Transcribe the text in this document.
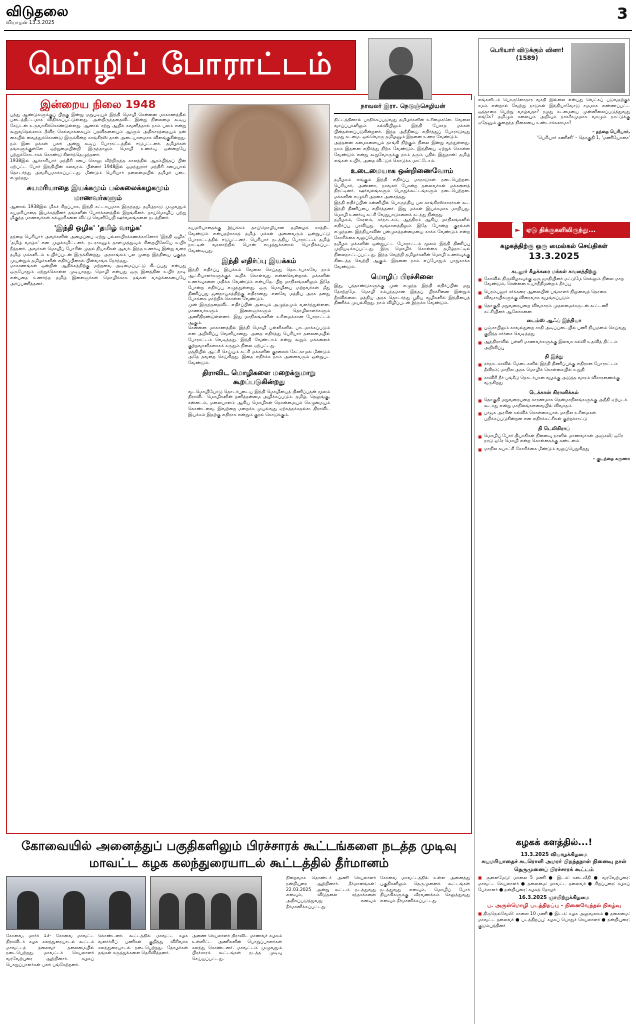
விடுதலை
வியாழன் 13.3.2025	3
மொழிப் போராட்டம்
நாவலர் இரா. நெடுஞ்செழியன்
இன்றைய நிலை 1948

பத்து ஆண்டுகளுக்குப் பிறகு இன்று மறுபடியும் இந்தி மொழி சென்னை மாகாணத்தில் படைத்திட்டமாக விதிக்கப்பட்டுள்ளது. அன்றிருந்ததைவிட இன்று நிலைமை கூடிய கேடுடன் உருவாகிக்கொண்டுள்ளது. ஆனால் சற்று ஆறிக் கவனித்தால் நாம் பலம் என்று கூறுவதெல்லாம் தீவிர செல்வாக்கையும் பதவிகளையும் ஆளும் அதிகாரத்தையும் தன் கையில் வைத்துக்கொண்டு இருக்கின்ற காங்கிரஸ் தான் அடையாளமாக விளங்குகின்றது. நம் இன மக்கள் பலர் அன்று கூடிப் போராட்டத்தில் ஈடுபட்டனர். தமிழர்கள் தங்களுக்குள்ளே ஒற்றுமையின்றி இருந்தாலும் மொழி உணர்வு ஒன்றையே பற்றுக்கோடாகக் கொண்டு கிளர்ந்தெழுந்தனர்.

1938இல் ஆச்சாரியார் மந்திரி சபை கொலு வீற்றிருந்த காலத்தில் ஆரம்பித்தப் பின் ஏற்பட்ட போர் இந்தியின் கலவரம். பின்னர் 1948இல் ஓமந்தூரார் மந்திரி சபையால் தொடர்ந்து அவசியமாக்கப்பட்டது. மீண்டும் பெரியார் தலைமையில் தமிழர் படை எழுந்தது.

சுயமரியாதை இயக்கமும் பல்கலைக்கழகமும் மாணவர்களும்

ஆனால் 1938இல் மிகச் சிறப்பாக, இந்தி கட்டாயமாக இருந்தது. தமிழ்நாடு முழுவதும் சுயமரியாதை இயக்கத்தினர் தங்களின் போர்க்களத்தில் இறங்கினர். தாய்மொழிப் பற்று மிகுந்த மாணவர்கள் கல்லூரிகளை விட்டு வெளியேறி ஊர்வலங்களை நடத்தினர்.

'இந்தி ஒழிக' 'தமிழ் வாழ்க'

தந்தை பெரியார் அவர்களின் அழைப்பை ஏற்று பல்லாயிரக்கணக்கானோர் 'இந்தி ஒழிக' 'தமிழ் வாழ்க' என முழக்கமிட்டனர். நடராசனும் தாளமுத்துவும் சிறையிலேயே உயிர் நீத்தனர். அவர்கள் மொழிப் போரின் முதல் தியாகிகள் ஆவர். இந்த உணர்வு இன்று வரை தமிழ் மக்களிடம் உயிர்ப்புடன் இருக்கின்றது. அரசாங்கம் பல முறை இந்தியை புகுத்த முயன்றும் தமிழர்களின் எதிர்ப்பினால் பின்வாங்க நேர்ந்தது.

மாகாணங்கள் ஒன்றின் ஆதிக்கத்திற்கு மற்றவை அடிமைப்பட்டு கிடப்பது என்பது ஒருபோதும் ஏற்றுக்கொள்ள முடியாதது. மொழி என்பது ஒரு இனத்தின் உயிர் நாடி என்பதை உணர்ந்த தமிழ் இளைஞர்கள் மொழிக்காக தங்கள் வாழ்க்கையையே அர்ப்பணித்தனர்.

சுயமரியாதைக்கு இயக்கம் தாய்மொழியான தமிழைக் காத்திட வேண்டும் என்பதற்காகத் தமிழ் மக்கள் அனைவரும் ஒன்றுபட்டு போராட்டத்தில் ஈடுபட்டனர். பெரியார் நடத்திய போராட்டம் தமிழ் நாட்டின் வரலாற்றில் பொன் எழுத்துக்களால் பொறிக்கப்பட வேண்டியது.

இந்தி எதிர்ப்பு இயக்கம்

இந்தி எதிர்ப்பு இயக்கம் வேலை செய்தது தொடர்பாகவே நாம் ஆட்சியாளர்களுக்குக் கூறிக் கொள்வது என்னவென்றால் மக்களின் உணர்வுகளை மதிக்க வேண்டும் என்பதே. பிற மாநிலங்களிலும் இதே போன்ற எதிர்ப்பு எழுந்துள்ளது. ஒரு மொழியை மற்றவர்கள் மீது திணிப்பது ஜனநாயகத்திற்கு எதிரானது. எனவே மத்திய அரசு தனது போக்கை மாற்றிக் கொள்ள வேண்டும்.

முன் இருந்ததைவிட எதிர்ப்பின் அளவும் அழுத்தமும் வளர்ந்துள்ளன. மாணவர்களும் இளைஞர்களும் தொழிலாளர்களும் அணிதிரண்டுள்ளனர். இது மாநிலங்களின் உரிமைக்கான போராட்டம் ஆகும்.

சென்னை மாகாணத்தில் இந்தி மொழி பள்ளிகளில் பாடமாக்கப்படும் என அறிவிப்பு வெளியானது. அதை எதிர்த்து பெரியார் தலைமையில் போராட்டம் வெடித்தது. இந்தி வேண்டாம் என்று கூறும் மக்களைக் குற்றவாளிகளாகக் கருதும் நிலை ஏற்பட்டது.

மத்தியில் ஆட்சி செய்யும் கட்சி மக்களின் குரலைக் கேட்காமல் மீண்டும் அதே தவறை செய்கிறது. இதை எதிர்க்க நாம் அனைவரும் ஒன்றுபட வேண்டும்.

திராவிட மொழிகளை மறைக்குமாறு கூறப்படுகின்றது

வடமொழியோடு தொடர்புடைய இந்தி மொழியைத் திணிப்பதன் மூலம் திராவிட மொழிகளின் தனித்தன்மை அழிக்கப்படும். தமிழ், தெலுங்கு, கன்னடம், மலையாளம் ஆகிய மொழிகள் தொன்மையும் செழுமையும் கொண்டவை. இவற்றை மறைக்க முயல்வது ஏற்கத்தக்கதல்ல. திராவிட இயக்கம் இதற்கு எதிராக என்றும் குரல் கொடுக்கும்.

திட்டத்தினால் பாதிக்கப்படுவது தமிழர்களின் உரிமைகளே. வேலை வாய்ப்புகளிலும் கல்வியிலும் இந்தி பேசாத மக்கள் பின்தள்ளப்படுகின்றனர். இந்த அநீதியை எதிர்த்துப் போராடுவது நமது கடமை. ஒவ்வொரு தமிழனும் இதனை உணர வேண்டும்.

அத்தனை சுமைகளையும் தாங்கி நிற்கும் நிலை இன்று வந்துள்ளது. நாம் இதனை எதிர்த்து நிற்க வேண்டும். இந்தியை ஏற்றுக் கொள்ள வேண்டும் என்று கூறுவோருக்கு நாம் தரும் பதில் இதுதான்: தமிழ் எங்கள் உயிர், அதை விட்டுக் கொடுக்க மாட்டோம்.

உடைமையாக ஒன்றிணைவோம்

தமிழகம் எங்கும் இந்தி எதிர்ப்பு மாநாடுகள் நடைபெற்றன. பெரியார், அண்ணா, நாவலர் போன்ற தலைவர்கள் மக்களைத் திரட்டினர். ஊர்வலங்களும் பொதுக்கூட்டங்களும் நடைபெற்றன. மக்களின் எழுச்சி அரசை அசைத்தது.

இந்தி எதிர்ப்பின் கன்னியில் பொருந்திய பல காங்கிரஸ்காரர்கள் கூட இந்தி திணிப்பை எதிர்த்தனர். இது மக்கள் இயக்கமாக மாறியது. மொழி உணர்வு கட்சி வேறுபாடுகளைக் கடந்து நின்றது.

தமிழகம், கேரளம், கர்நாடகம், ஆந்திரம் ஆகிய மாநிலங்களில் எதிர்ப்பு பரவியது. வங்காளத்திலும் இதே போன்ற குரல்கள் எழுந்தன. இந்தியாவின் பன்முகத்தன்மையை காக்க வேண்டும் என்ற கோரிக்கை வலுப்பெற்றது.

தமிழக மக்களின் ஒன்றுபட்ட போராட்டம் மூலம் இந்தி திணிப்பு முறியடிக்கப்பட்டது. இரு மொழிக் கொள்கை தமிழ்நாட்டில் நிலைநாட்டப்பட்டது. இந்த வெற்றி தமிழர்களின் மொழி உணர்வுக்கு கிடைத்த வெற்றி ஆகும். இதனை நாம் எப்போதும் பாதுகாக்க வேண்டும்.

மொழிப் பிரச்சினை

இது, பத்தாண்டுகளுக்கு முன் எழுந்த இந்தி எதிர்ப்பின் மறு தோற்றமே. மொழி சம்பந்தமான இந்தப் பிரச்சினை இன்றும் தீரவில்லை. மத்திய அரசு தொடர்ந்து புதிய வழிகளில் இந்தியைத் திணிக்க முயல்கிறது. நாம் விழிப்புடன் இருக்க வேண்டும்.

பெரியார் விடுக்கும் வினா! (1589)

எங்களிடம் பொருளோதார வசதி இல்லை என்பது வெட்கப் படுவதற்குச் சமம் என்றால் வேற்று நாடுகள் இந்தியாவோடு சமமாக எண்ணப்பட்ட ஒத்தாசை பெற்று வாழ்வதா? நமது கடமையை முன்னிலைப்படுத்துவது எங்கே? தமிழும் கலையும் அறிவும் நாகரீகமுமாக வாழும் நாட்டுக்கு ஏதேனும் குறைந்த நிலையை உண்டாக்கலாமா?

– தந்தை பெரியார்,

'பெரியார் கணினி' – தொகுதி 1, 'மணியோசை'

► ஏடு திக்குகளிலிருந்து...
கழகத்திற்கு ஒரு மைல்கல் செய்திகள்
13.3.2025
கடலூர் கீழக்கரை மக்கள் கவனத்திற்கு
■ கோவில் திருவிழாவுக்கு ஒரு ஜாதியினர் மட்டுமே செல்லும் நிலை மாற வேண்டும், சென்னை உயர்நீதிமன்றம் தீர்ப்பு
■ பெரம்பலூர் சர்க்கரை ஆலையின் பங்காளர் நிலுவைத் தொகை விவசாயிகளுக்கு விரைவாக வழங்கப்படும்
■ தொகுதி மறுவரையறை விவகாரம் முதலமைச்சருடன் கூட்டணி கட்சியினர் ஆலோசனை
டைம்ஸ் ஆஃப் இந்தியா
■ பஞ்சாபிலும் காவல்துறை சாதி அடிப்படையில் பணி நியமனம் செய்வது குறித்த சர்ச்சை வெடித்தது
■ ஆந்திராவில் பள்ளி மாணவர்களுக்கு இலவச கல்வி உதவித் திட்டம் அறிவிப்பு
தி இந்து
■ கர்நாடகாவில் மேடைகளில் இந்தி திணிப்புக்கு எதிரான போராட்டம் தீவிரம்; மாநில அரசு மொழிக் கொள்கையில் உறுதி
■ காவிரி நீர் பங்கீடு தொடர்பான வழக்கு அடுத்த வாரம் விசாரணைக்கு வருகிறது
டெக்கான் கிரானிக்கல்
■ தொகுதி மறுவரையறை காரணமாக தென்மாநிலங்களுக்கு அநீதி ஏற்படக் கூடாது என்று மாநிலங்களவையில் விவாதம்
■ பாஜக அரசின் கல்விக் கொள்கையால் மாநில உரிமைகள் பறிக்கப்படுகின்றன என எதிர்க்கட்சிகள் குற்றச்சாட்டு
தி டெலிகிராப்
■ மொழிப் போர் தியாகிகள் நினைவு நாளில் மாணவர்கள் அஞ்சலி; ஒரே நாடு ஒரே மொழி என்ற கொள்கைக்கு கண்டனம்
■ மாநில சுயாட்சி கோரிக்கை மீண்டும் வலுப்பெறுகிறது

– குடந்தை கருணா

கோவையில் அனைத்துப் பகுதிகளிலும் பிரச்சாரக் கூட்டங்களை நடத்த முடிவு
மாவட்ட கழக கலந்துரையாடல் கூட்டத்தில் தீர்மானம்
கோவை, மார்ச் 13– கோவை மாவட்ட திராவிடர் கழக கலந்துரையாடல் கூட்டம் மாவட்டத் தலைவர் தலைமையில் நடைபெற்றது. மாவட்டச் செயலாளர் வரவேற்புரை ஆற்றினார். கழகப் பொறுப்பாளர்கள் பலர் பங்கேற்றனர்.
கொண்டனர். கூட்டத்தில் மாவட்ட கழக வளர்ச்சிப் பணிகள் குறித்து விரிவாக கலந்துரையாடல் நடைபெற்றது. தோழர்கள் தங்கள் கருத்துக்களை தெரிவித்தனர்.
அணை செயலாளர் திராவிட மாணவர் கழகம் உள்ளிட்ட அணிகளின் பொறுப்பாளர்கள் கலந்து கொண்டனர். மாவட்டம் முழுவதும் பிரச்சாரக் கூட்டங்கள் நடத்த முடிவு செய்யப்பட்டது.
நிறைவாக தொண்டர் அணி செயலாளர் நன்றியுரை ஆற்றினார். தீர்மானங்கள்: 22.03.2025 அன்று கூட்டம் நடத்துவது எனவும், விடுதலை சந்தாக்களை அதிகப்படுத்துவது எனவும் தீர்மானிக்கப்பட்டது.
கோவை மாவட்டத்தில் உள்ள அனைத்து பகுதிகளிலும் தெருமுனைக் கூட்டங்கள் நடத்துவது எனவும், மொழிப் போர் தியாகிகளுக்கு வீரவணக்கம் செலுத்துவது எனவும் தீர்மானிக்கப்பட்டது.
கழகக் களத்தில்...!
13.3.2025 வியாழக்கிழமை
சுயமரியாதைச் சுடரொளி அமரர் பிறந்தநாள் நினைவு நாள் தெருமுனைப் பிரச்சாரக் கூட்டம்

■ சூளைமேடு: மாலை 5 மணி ● இடம்: கடைவீதி ● வரவேற்புரை: மாவட்ட செயலாளர் ● தலைமை: மாவட்ட தலைவர் ● சிறப்புரை: கழகப் பேச்சாளர் ● நன்றியுரை: கழகத் தோழர்

16.3.2025 ஞாயிற்றுக்கிழமை
ப. அருள்மொழி படத்திறப்பு – நினைவேந்தல் நிகழ்வு

■ திருநெல்வேலி: காலை 10 மணி ● இடம்: கழக அலுவலகம் ● தலைமை: மாவட்ட தலைவர் ● படத்திறப்பு: கழகப் பொதுச் செயலாளர் ● நன்றியுரை: குடும்பத்தினர்
